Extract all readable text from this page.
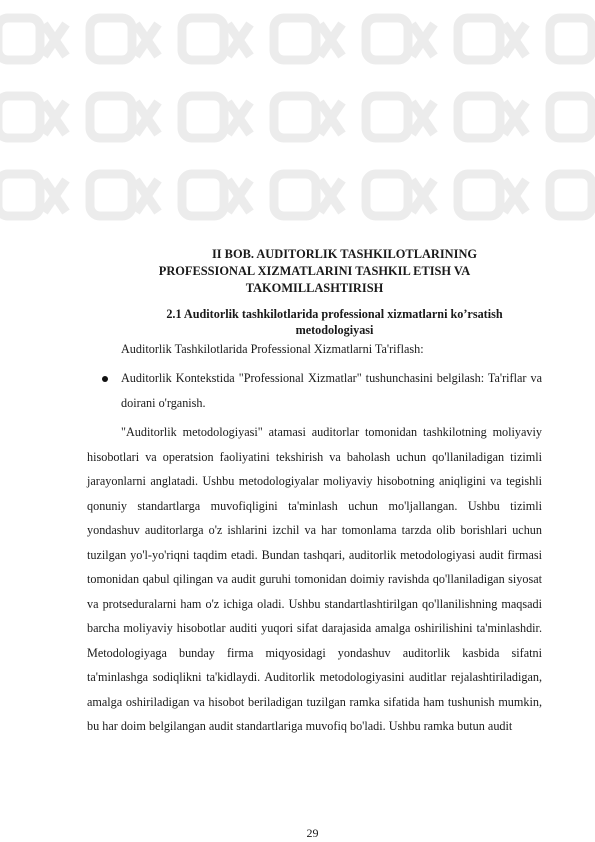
II BOB. AUDITORLIK TASHKILOTLARINING
PROFESSIONAL XIZMATLARINI TASHKIL ETISH VA
TAKOMILLASHTIRISH
2.1 Auditorlik tashkilotlarida professional xizmatlarni ko’rsatish
metodologiyasi

Auditorlik Tashkilotlarida Professional Xizmatlarni Ta'riflash:

Auditorlik Kontekstida "Professional Xizmatlar" tushunchasini belgilash: Ta'riflar va doirani o'rganish.

"Auditorlik metodologiyasi" atamasi auditorlar tomonidan tashkilotning moliyaviy hisobotlari va operatsion faoliyatini tekshirish va baholash uchun qo'llaniladigan tizimli jarayonlarni anglatadi. Ushbu metodologiyalar moliyaviy hisobotning aniqligini va tegishli qonuniy standartlarga muvofiqligini ta'minlash uchun mo'ljallangan. Ushbu tizimli yondashuv auditorlarga o'z ishlarini izchil va har tomonlama tarzda olib borishlari uchun tuzilgan yo'l-yo'riqni taqdim etadi. Bundan tashqari, auditorlik metodologiyasi audit firmasi tomonidan qabul qilingan va audit guruhi tomonidan doimiy ravishda qo'llaniladigan siyosat va protseduralarni ham o'z ichiga oladi. Ushbu standartlashtirilgan qo'llanilishning maqsadi barcha moliyaviy hisobotlar auditi yuqori sifat darajasida amalga oshirilishini ta'minlashdir. Metodologiyaga bunday firma miqyosidagi yondashuv auditorlik kasbida sifatni ta'minlashga sodiqlikni ta'kidlaydi. Auditorlik metodologiyasini auditlar rejalashtiriladigan, amalga oshiriladigan va hisobot beriladigan tuzilgan ramka sifatida ham tushunish mumkin, bu har doim belgilangan audit standartlariga muvofiq bo'ladi. Ushbu ramka butun audit

29
